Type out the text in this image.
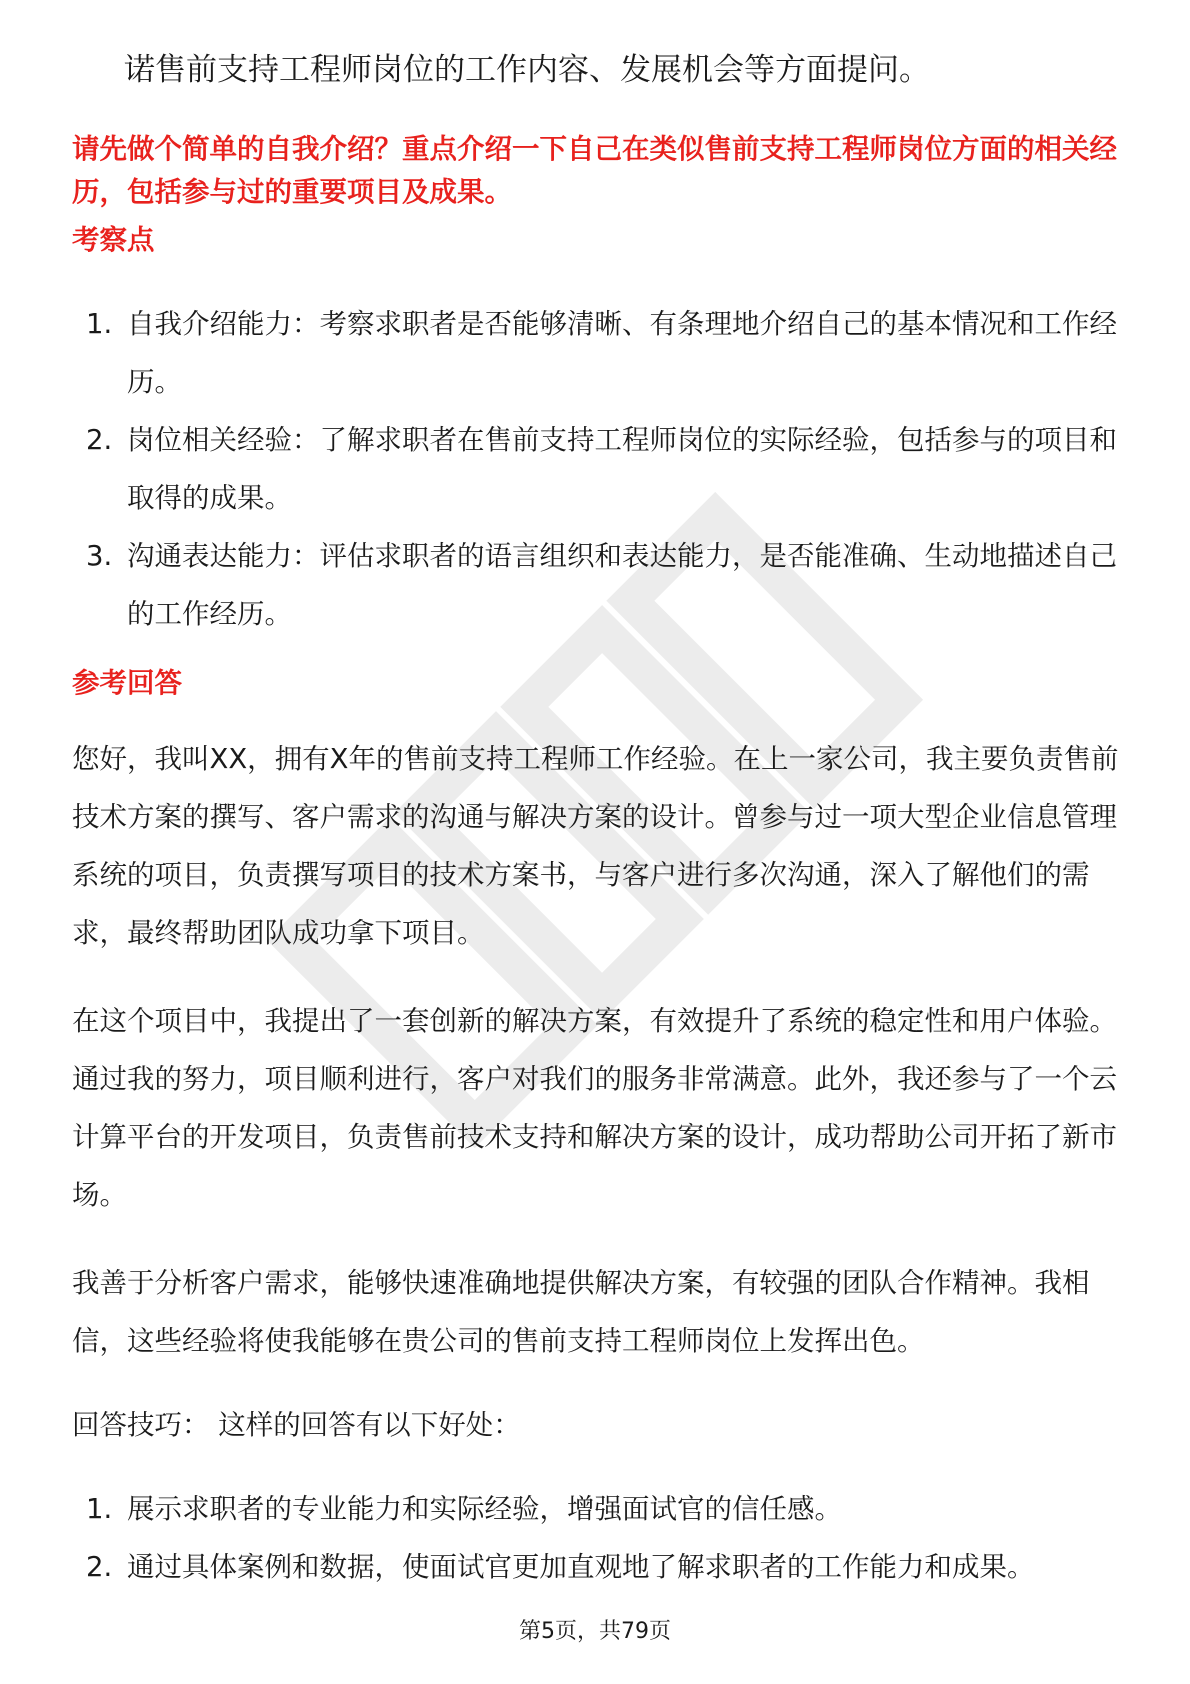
诺售前支持工程师岗位的工作内容、发展机会等方面提问。
请先做个简单的自我介绍？重点介绍一下自己在类似售前支持工程师岗位方面的相关经历，包括参与过的重要项目及成果。
考察点
1. 自我介绍能力：考察求职者是否能够清晰、有条理地介绍自己的基本情况和工作经历。
2. 岗位相关经验：了解求职者在售前支持工程师岗位的实际经验，包括参与的项目和取得的成果。
3. 沟通表达能力：评估求职者的语言组织和表达能力，是否能准确、生动地描述自己的工作经历。
参考回答

您好，我叫XX，拥有X年的售前支持工程师工作经验。在上一家公司，我主要负责售前技术方案的撰写、客户需求的沟通与解决方案的设计。曾参与过一项大型企业信息管理系统的项目，负责撰写项目的技术方案书，与客户进行多次沟通，深入了解他们的需求，最终帮助团队成功拿下项目。

在这个项目中，我提出了一套创新的解决方案，有效提升了系统的稳定性和用户体验。通过我的努力，项目顺利进行，客户对我们的服务非常满意。此外，我还参与了一个云计算平台的开发项目，负责售前技术支持和解决方案的设计，成功帮助公司开拓了新市场。

我善于分析客户需求，能够快速准确地提供解决方案，有较强的团队合作精神。我相信，这些经验将使我能够在贵公司的售前支持工程师岗位上发挥出色。

回答技巧： 这样的回答有以下好处：

1. 展示求职者的专业能力和实际经验，增强面试官的信任感。
2. 通过具体案例和数据，使面试官更加直观地了解求职者的工作能力和成果。
第5页，共79页
